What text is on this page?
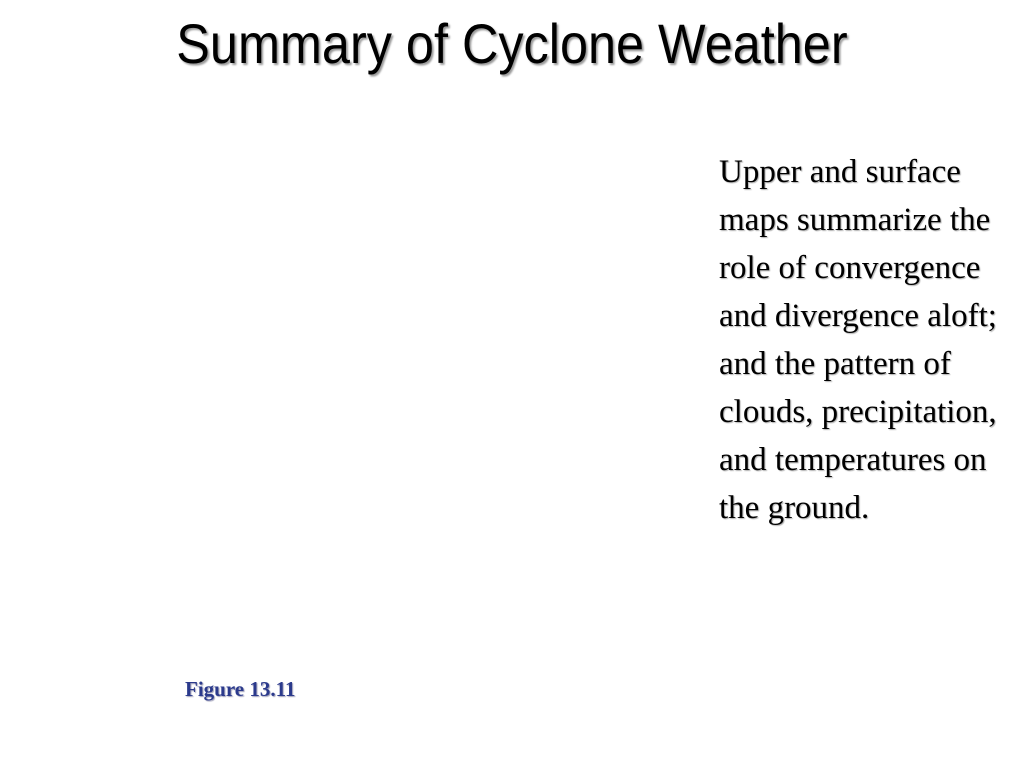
Summary of Cyclone Weather

Upper and surface maps summarize the role of convergence and divergence aloft; and the pattern of clouds, precipitation, and temperatures on the ground.

Figure 13.11
